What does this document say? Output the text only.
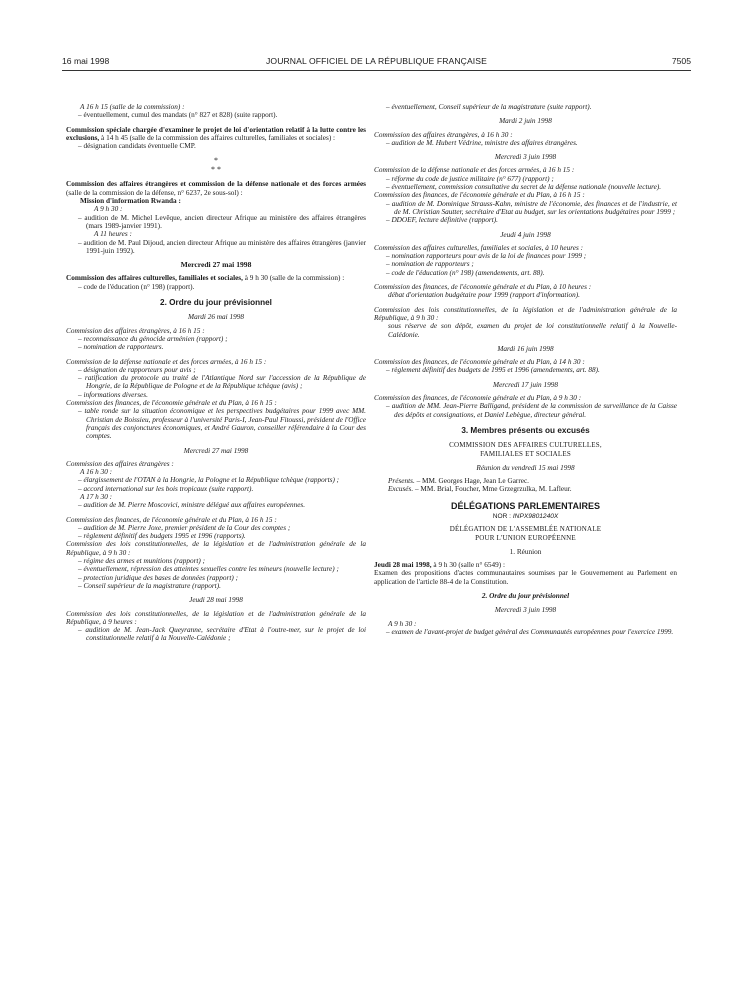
16 mai 1998	JOURNAL OFFICIEL DE LA RÉPUBLIQUE FRANÇAISE	7505

A 16 h 15 (salle de la commission) :

– éventuellement, cumul des mandats (n° 827 et 828) (suite rapport).

Commission spéciale chargée d'examiner le projet de loi d'orientation relatif à la lutte contre les exclusions, à 14 h 45 (salle de la commission des affaires culturelles, familiales et sociales) :

– désignation candidats éventuelle CMP.

*

* *

Commission des affaires étrangères et commission de la défense nationale et des forces armées (salle de la commission de la défense, n° 6237, 2e sous-sol) :

Mission d'information Rwanda :

A 9 h 30 :

– audition de M. Michel Levêque, ancien directeur Afrique au ministère des affaires étrangères (mars 1989-janvier 1991).

A 11 heures :

– audition de M. Paul Dijoud, ancien directeur Afrique au ministère des affaires étrangères (janvier 1991-juin 1992).

Mercredi 27 mai 1998

Commission des affaires culturelles, familiales et sociales, à 9 h 30 (salle de la commission) :

– code de l'éducation (n° 198) (rapport).

2. Ordre du jour prévisionnel

Mardi 26 mai 1998

Commission des affaires étrangères, à 16 h 15 :

– reconnaissance du génocide arménien (rapport) ;

– nomination de rapporteurs.

Commission de la défense nationale et des forces armées, à 16 h 15 :

– désignation de rapporteurs pour avis ;

– ratification du protocole au traité de l'Atlantique Nord sur l'accession de la République de Hongrie, de la République de Pologne et de la République tchèque (avis) ;

– informations diverses.

Commission des finances, de l'économie générale et du Plan, à 16 h 15 :

– table ronde sur la situation économique et les perspectives budgétaires pour 1999 avec MM. Christian de Boissieu, professeur à l'université Paris-I, Jean-Paul Fitoussi, président de l'Office français des conjonctures économiques, et André Gauron, conseiller référendaire à la Cour des comptes.

Mercredi 27 mai 1998

Commission des affaires étrangères :

A 16 h 30 :

– élargissement de l'OTAN à la Hongrie, la Pologne et la République tchèque (rapports) ;

– accord international sur les bois tropicaux (suite rapport).

A 17 h 30 :

– audition de M. Pierre Moscovici, ministre délégué aux affaires européennes.

Commission des finances, de l'économie générale et du Plan, à 16 h 15 :

– audition de M. Pierre Joxe, premier président de la Cour des comptes ;

– règlement définitif des budgets 1995 et 1996 (rapports).

Commission des lois constitutionnelles, de la législation et de l'administration générale de la République, à 9 h 30 :

– régime des armes et munitions (rapport) ;

– éventuellement, répression des atteintes sexuelles contre les mineurs (nouvelle lecture) ;

– protection juridique des bases de données (rapport) ;

– Conseil supérieur de la magistrature (rapport).

Jeudi 28 mai 1998

Commission des lois constitutionnelles, de la législation et de l'administration générale de la République, à 9 heures :

– audition de M. Jean-Jack Queyranne, secrétaire d'Etat à l'outre-mer, sur le projet de loi constitutionnelle relatif à la Nouvelle-Calédonie ;

– éventuellement, Conseil supérieur de la magistrature (suite rapport).

Mardi 2 juin 1998

Commission des affaires étrangères, à 16 h 30 :

– audition de M. Hubert Védrine, ministre des affaires étrangères.

Mercredi 3 juin 1998

Commission de la défense nationale et des forces armées, à 16 h 15 :

– réforme du code de justice militaire (n° 677) (rapport) ;

– éventuellement, commission consultative du secret de la défense nationale (nouvelle lecture).

Commission des finances, de l'économie générale et du Plan, à 16 h 15 :

– audition de M. Dominique Strauss-Kahn, ministre de l'économie, des finances et de l'industrie, et de M. Christian Sautter, secrétaire d'Etat au budget, sur les orientations budgétaires pour 1999 ;

– DDOEF, lecture définitive (rapport).

Jeudi 4 juin 1998

Commission des affaires culturelles, familiales et sociales, à 10 heures :

– nomination rapporteurs pour avis de la loi de finances pour 1999 ;

– nomination de rapporteurs ;

– code de l'éducation (n° 198) (amendements, art. 88).

Commission des finances, de l'économie générale et du Plan, à 10 heures :

débat d'orientation budgétaire pour 1999 (rapport d'information).

Commission des lois constitutionnelles, de la législation et de l'administration générale de la République, à 9 h 30 :

sous réserve de son dépôt, examen du projet de loi constitutionnelle relatif à la Nouvelle-Calédonie.

Mardi 16 juin 1998

Commission des finances, de l'économie générale et du Plan, à 14 h 30 :

– règlement définitif des budgets de 1995 et 1996 (amendements, art. 88).

Mercredi 17 juin 1998

Commission des finances, de l'économie générale et du Plan, à 9 h 30 :

– audition de MM. Jean-Pierre Balligand, président de la commission de surveillance de la Caisse des dépôts et consignations, et Daniel Lebègue, directeur général.

3. Membres présents ou excusés

COMMISSION DES AFFAIRES CULTURELLES,

FAMILIALES ET SOCIALES

Réunion du vendredi 15 mai 1998

Présents. – MM. Georges Hage, Jean Le Garrec.

Excusés. – MM. Brial, Foucher, Mme Grzegrzulka, M. Lafleur.

DÉLÉGATIONS PARLEMENTAIRES

NOR : INPX9801240X

DÉLÉGATION DE L'ASSEMBLÉE NATIONALE

POUR L'UNION EUROPÉENNE

1. Réunion

Jeudi 28 mai 1998, à 9 h 30 (salle n° 6549) :

Examen des propositions d'actes communautaires soumises par le Gouvernement au Parlement en application de l'article 88-4 de la Constitution.

2. Ordre du jour prévisionnel

Mercredi 3 juin 1998

A 9 h 30 :

– examen de l'avant-projet de budget général des Communautés européennes pour l'exercice 1999.
